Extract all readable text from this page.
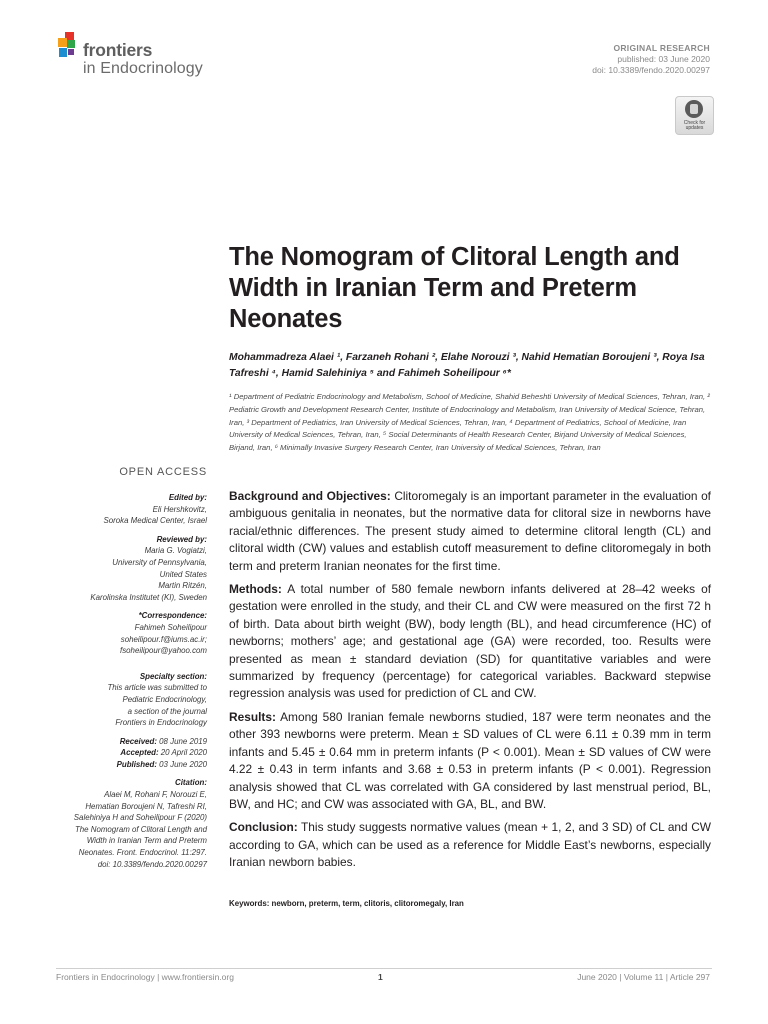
frontiers
in Endocrinology
ORIGINAL RESEARCH
published: 03 June 2020
doi: 10.3389/fendo.2020.00297
Check for
updates
The Nomogram of Clitoral Length and Width in Iranian Term and Preterm Neonates
Mohammadreza Alaei ¹, Farzaneh Rohani ², Elahe Norouzi ³, Nahid Hematian Boroujeni ³, Roya Isa Tafreshi ⁴, Hamid Salehiniya ⁵ and Fahimeh Soheilipour ⁶*
¹ Department of Pediatric Endocrinology and Metabolism, School of Medicine, Shahid Beheshti University of Medical Sciences, Tehran, Iran, ² Pediatric Growth and Development Research Center, Institute of Endocrinology and Metabolism, Iran University of Medical Science, Tehran, Iran, ³ Department of Pediatrics, Iran University of Medical Sciences, Tehran, Iran, ⁴ Department of Pediatrics, School of Medicine, Iran University of Medical Sciences, Tehran, Iran, ⁵ Social Determinants of Health Research Center, Birjand University of Medical Sciences, Birjand, Iran, ⁶ Minimally Invasive Surgery Research Center, Iran University of Medical Sciences, Tehran, Iran
OPEN ACCESS
Edited by:
Eli Hershkovitz,
Soroka Medical Center, Israel
Reviewed by:
Maria G. Vogiatzi,
University of Pennsylvania,
United States
Martin Ritzén,
Karolinska Institutet (KI), Sweden
*Correspondence:
Fahimeh Soheilipour
soheilipour.f@iums.ac.ir;
fsoheilipour@yahoo.com
Specialty section:
This article was submitted to
Pediatric Endocrinology,
a section of the journal
Frontiers in Endocrinology
Received: 08 June 2019
Accepted: 20 April 2020
Published: 03 June 2020
Citation:
Alaei M, Rohani F, Norouzi E,
Hematian Boroujeni N, Tafreshi RI,
Salehiniya H and Soheilipour F (2020)
The Nomogram of Clitoral Length and
Width in Iranian Term and Preterm
Neonates. Front. Endocrinol. 11:297.
doi: 10.3389/fendo.2020.00297

Background and Objectives: Clitoromegaly is an important parameter in the evaluation of ambiguous genitalia in neonates, but the normative data for clitoral size in newborns have racial/ethnic differences. The present study aimed to determine clitoral length (CL) and clitoral width (CW) values and establish cutoff measurement to define clitoromegaly in both term and preterm Iranian neonates for the first time.

Methods: A total number of 580 female newborn infants delivered at 28–42 weeks of gestation were enrolled in the study, and their CL and CW were measured on the first 72 h of birth. Data about birth weight (BW), body length (BL), and head circumference (HC) of newborns; mothers’ age; and gestational age (GA) were recorded, too. Results were presented as mean ± standard deviation (SD) for quantitative variables and were summarized by frequency (percentage) for categorical variables. Backward stepwise regression analysis was used for prediction of CL and CW.

Results: Among 580 Iranian female newborns studied, 187 were term neonates and the other 393 newborns were preterm. Mean ± SD values of CL were 6.11 ± 0.39 mm in term infants and 5.45 ± 0.64 mm in preterm infants (P < 0.001). Mean ± SD values of CW were 4.22 ± 0.43 in term infants and 3.68 ± 0.53 in preterm infants (P < 0.001). Regression analysis showed that CL was correlated with GA considered by last menstrual period, BL, BW, and HC; and CW was associated with GA, BL, and BW.

Conclusion: This study suggests normative values (mean + 1, 2, and 3 SD) of CL and CW according to GA, which can be used as a reference for Middle East’s newborns, especially Iranian newborn babies.

Keywords: newborn, preterm, term, clitoris, clitoromegaly, Iran
Frontiers in Endocrinology | www.frontiersin.org	1	June 2020 | Volume 11 | Article 297
